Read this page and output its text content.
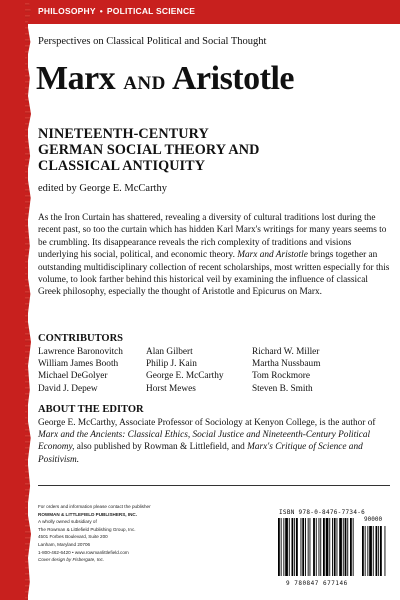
PHILOSOPHY • POLITICAL SCIENCE
Perspectives on Classical Political and Social Thought
Marx AND Aristotle
NINETEENTH-CENTURY
GERMAN SOCIAL THEORY AND
CLASSICAL ANTIQUITY
edited by George E. McCarthy

As the Iron Curtain has shattered, revealing a diversity of cultural traditions lost during the recent past, so too the curtain which has hidden Karl Marx's writings for many years seems to be crumbling. Its disappearance reveals the rich complexity of traditions and visions underlying his social, political, and economic theory. Marx and Aristotle brings together an outstanding multidisciplinary collection of recent scholarships, most written especially for this volume, to look farther behind this historical veil by examining the influence of classical Greek philosophy, especially the thought of Aristotle and Epicurus on Marx.

CONTRIBUTORS
Lawrence Baronovitch	Alan Gilbert	Richard W. Miller
William James Booth	Philip J. Kain	Martha Nussbaum
Michael DeGolyer	George E. McCarthy	Tom Rockmore
David J. Depew	Horst Mewes	Steven B. Smith
ABOUT THE EDITOR

George E. McCarthy, Associate Professor of Sociology at Kenyon College, is the author of Marx and the Ancients: Classical Ethics, Social Justice and Nineteenth-Century Political Economy, also published by Rowman & Littlefield, and Marx's Critique of Science and Positivism.

For orders and information please contact the publisher
ROWMAN & LITTLEFIELD PUBLISHERS, INC.
A wholly owned subsidiary of
The Rowman & Littlefield Publishing Group, Inc.
4501 Forbes Boulevard, Suite 200
Lanham, Maryland 20706
1-800-462-6420 • www.rowmanlittlefield.com
Cover design by Fisbergate, Inc.
ISBN 978-0-8476-7734-6
9 780847 677146
90000
